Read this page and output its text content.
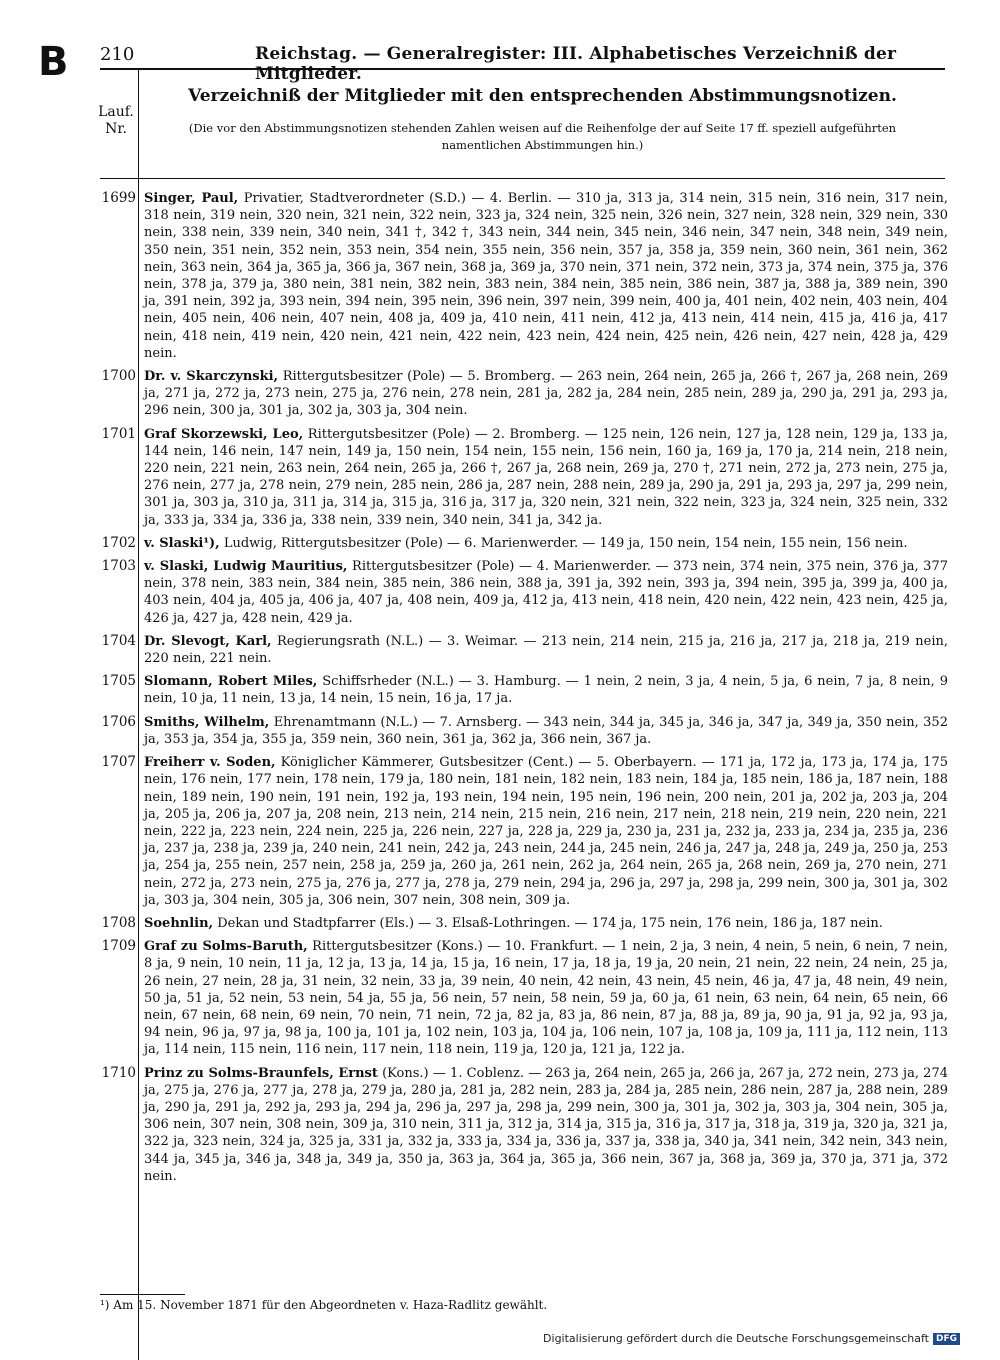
B 210	Reichstag. — Generalregister: III. Alphabetisches Verzeichniß der Mitglieder.
Lauf.
Nr.
Verzeichniß der Mitglieder mit den entsprechenden Abstimmungsnotizen.
(Die vor den Abstimmungsnotizen stehenden Zahlen weisen auf die Reihenfolge der auf Seite 17 ff. speziell aufgeführten namentlichen Abstimmungen hin.)
1699 Singer, Paul, Privatier, Stadtverordneter (S.D.) — 4. Berlin. — 310 ja, 313 ja, 314 nein, 315 nein, 316 nein, 317 nein, 318 nein, 319 nein, 320 nein, 321 nein, 322 nein, 323 ja, 324 nein, 325 nein, 326 nein, 327 nein, 328 nein, 329 nein, 330 nein, 338 nein, 339 nein, 340 nein, 341 †, 342 †, 343 nein, 344 nein, 345 nein, 346 nein, 347 nein, 348 nein, 349 nein, 350 nein, 351 nein, 352 nein, 353 nein, 354 nein, 355 nein, 356 nein, 357 ja, 358 ja, 359 nein, 360 nein, 361 nein, 362 nein, 363 nein, 364 ja, 365 ja, 366 ja, 367 nein, 368 ja, 369 ja, 370 nein, 371 nein, 372 nein, 373 ja, 374 nein, 375 ja, 376 nein, 378 ja, 379 ja, 380 nein, 381 nein, 382 nein, 383 nein, 384 nein, 385 nein, 386 nein, 387 ja, 388 ja, 389 nein, 390 ja, 391 nein, 392 ja, 393 nein, 394 nein, 395 nein, 396 nein, 397 nein, 399 nein, 400 ja, 401 nein, 402 nein, 403 nein, 404 nein, 405 nein, 406 nein, 407 nein, 408 ja, 409 ja, 410 nein, 411 nein, 412 ja, 413 nein, 414 nein, 415 ja, 416 ja, 417 nein, 418 nein, 419 nein, 420 nein, 421 nein, 422 nein, 423 nein, 424 nein, 425 nein, 426 nein, 427 nein, 428 ja, 429 nein.
1700 Dr. v. Skarczynski, Rittergutsbesitzer (Pole) — 5. Bromberg. — 263 nein, 264 nein, 265 ja, 266 †, 267 ja, 268 nein, 269 ja, 271 ja, 272 ja, 273 nein, 275 ja, 276 nein, 278 nein, 281 ja, 282 ja, 284 nein, 285 nein, 289 ja, 290 ja, 291 ja, 293 ja, 296 nein, 300 ja, 301 ja, 302 ja, 303 ja, 304 nein.
1701 Graf Skorzewski, Leo, Rittergutsbesitzer (Pole) — 2. Bromberg. — 125 nein, 126 nein, 127 ja, 128 nein, 129 ja, 133 ja, 144 nein, 146 nein, 147 nein, 149 ja, 150 nein, 154 nein, 155 nein, 156 nein, 160 ja, 169 ja, 170 ja, 214 nein, 218 nein, 220 nein, 221 nein, 263 nein, 264 nein, 265 ja, 266 †, 267 ja, 268 nein, 269 ja, 270 †, 271 nein, 272 ja, 273 nein, 275 ja, 276 nein, 277 ja, 278 nein, 279 nein, 285 nein, 286 ja, 287 nein, 288 nein, 289 ja, 290 ja, 291 ja, 293 ja, 297 ja, 299 nein, 301 ja, 303 ja, 310 ja, 311 ja, 314 ja, 315 ja, 316 ja, 317 ja, 320 nein, 321 nein, 322 nein, 323 ja, 324 nein, 325 nein, 332 ja, 333 ja, 334 ja, 336 ja, 338 nein, 339 nein, 340 nein, 341 ja, 342 ja.
1702 v. Slaski¹), Ludwig, Rittergutsbesitzer (Pole) — 6. Marienwerder. — 149 ja, 150 nein, 154 nein, 155 nein, 156 nein.
1703 v. Slaski, Ludwig Mauritius, Rittergutsbesitzer (Pole) — 4. Marienwerder. — 373 nein, 374 nein, 375 nein, 376 ja, 377 nein, 378 nein, 383 nein, 384 nein, 385 nein, 386 nein, 388 ja, 391 ja, 392 nein, 393 ja, 394 nein, 395 ja, 399 ja, 400 ja, 403 nein, 404 ja, 405 ja, 406 ja, 407 ja, 408 nein, 409 ja, 412 ja, 413 nein, 418 nein, 420 nein, 422 nein, 423 nein, 425 ja, 426 ja, 427 ja, 428 nein, 429 ja.
1704 Dr. Slevogt, Karl, Regierungsrath (N.L.) — 3. Weimar. — 213 nein, 214 nein, 215 ja, 216 ja, 217 ja, 218 ja, 219 nein, 220 nein, 221 nein.
1705 Slomann, Robert Miles, Schiffsrheder (N.L.) — 3. Hamburg. — 1 nein, 2 nein, 3 ja, 4 nein, 5 ja, 6 nein, 7 ja, 8 nein, 9 nein, 10 ja, 11 nein, 13 ja, 14 nein, 15 nein, 16 ja, 17 ja.
1706 Smiths, Wilhelm, Ehrenamtmann (N.L.) — 7. Arnsberg. — 343 nein, 344 ja, 345 ja, 346 ja, 347 ja, 349 ja, 350 nein, 352 ja, 353 ja, 354 ja, 355 ja, 359 nein, 360 nein, 361 ja, 362 ja, 366 nein, 367 ja.
1707 Freiherr v. Soden, Königlicher Kämmerer, Gutsbesitzer (Cent.) — 5. Oberbayern. — 171 ja, 172 ja, 173 ja, 174 ja, 175 nein, 176 nein, 177 nein, 178 nein, 179 ja, 180 nein, 181 nein, 182 nein, 183 nein, 184 ja, 185 nein, 186 ja, 187 nein, 188 nein, 189 nein, 190 nein, 191 nein, 192 ja, 193 nein, 194 nein, 195 nein, 196 nein, 200 nein, 201 ja, 202 ja, 203 ja, 204 ja, 205 ja, 206 ja, 207 ja, 208 nein, 213 nein, 214 nein, 215 nein, 216 nein, 217 nein, 218 nein, 219 nein, 220 nein, 221 nein, 222 ja, 223 nein, 224 nein, 225 ja, 226 nein, 227 ja, 228 ja, 229 ja, 230 ja, 231 ja, 232 ja, 233 ja, 234 ja, 235 ja, 236 ja, 237 ja, 238 ja, 239 ja, 240 nein, 241 nein, 242 ja, 243 nein, 244 ja, 245 nein, 246 ja, 247 ja, 248 ja, 249 ja, 250 ja, 253 ja, 254 ja, 255 nein, 257 nein, 258 ja, 259 ja, 260 ja, 261 nein, 262 ja, 264 nein, 265 ja, 268 nein, 269 ja, 270 nein, 271 nein, 272 ja, 273 nein, 275 ja, 276 ja, 277 ja, 278 ja, 279 nein, 294 ja, 296 ja, 297 ja, 298 ja, 299 nein, 300 ja, 301 ja, 302 ja, 303 ja, 304 nein, 305 ja, 306 nein, 307 nein, 308 nein, 309 ja.
1708 Soehnlin, Dekan und Stadtpfarrer (Els.) — 3. Elsaß-Lothringen. — 174 ja, 175 nein, 176 nein, 186 ja, 187 nein.
1709 Graf zu Solms-Baruth, Rittergutsbesitzer (Kons.) — 10. Frankfurt. — 1 nein, 2 ja, 3 nein, 4 nein, 5 nein, 6 nein, 7 nein, 8 ja, 9 nein, 10 nein, 11 ja, 12 ja, 13 ja, 14 ja, 15 ja, 16 nein, 17 ja, 18 ja, 19 ja, 20 nein, 21 nein, 22 nein, 24 nein, 25 ja, 26 nein, 27 nein, 28 ja, 31 nein, 32 nein, 33 ja, 39 nein, 40 nein, 42 nein, 43 nein, 45 nein, 46 ja, 47 ja, 48 nein, 49 nein, 50 ja, 51 ja, 52 nein, 53 nein, 54 ja, 55 ja, 56 nein, 57 nein, 58 nein, 59 ja, 60 ja, 61 nein, 63 nein, 64 nein, 65 nein, 66 nein, 67 nein, 68 nein, 69 nein, 70 nein, 71 nein, 72 ja, 82 ja, 83 ja, 86 nein, 87 ja, 88 ja, 89 ja, 90 ja, 91 ja, 92 ja, 93 ja, 94 nein, 96 ja, 97 ja, 98 ja, 100 ja, 101 ja, 102 nein, 103 ja, 104 ja, 106 nein, 107 ja, 108 ja, 109 ja, 111 ja, 112 nein, 113 ja, 114 nein, 115 nein, 116 nein, 117 nein, 118 nein, 119 ja, 120 ja, 121 ja, 122 ja.
1710 Prinz zu Solms-Braunfels, Ernst (Kons.) — 1. Coblenz. — 263 ja, 264 nein, 265 ja, 266 ja, 267 ja, 272 nein, 273 ja, 274 ja, 275 ja, 276 ja, 277 ja, 278 ja, 279 ja, 280 ja, 281 ja, 282 nein, 283 ja, 284 ja, 285 nein, 286 nein, 287 ja, 288 nein, 289 ja, 290 ja, 291 ja, 292 ja, 293 ja, 294 ja, 296 ja, 297 ja, 298 ja, 299 nein, 300 ja, 301 ja, 302 ja, 303 ja, 304 nein, 305 ja, 306 nein, 307 nein, 308 nein, 309 ja, 310 nein, 311 ja, 312 ja, 314 ja, 315 ja, 316 ja, 317 ja, 318 ja, 319 ja, 320 ja, 321 ja, 322 ja, 323 nein, 324 ja, 325 ja, 331 ja, 332 ja, 333 ja, 334 ja, 336 ja, 337 ja, 338 ja, 340 ja, 341 nein, 342 nein, 343 nein, 344 ja, 345 ja, 346 ja, 348 ja, 349 ja, 350 ja, 363 ja, 364 ja, 365 ja, 366 nein, 367 ja, 368 ja, 369 ja, 370 ja, 371 ja, 372 nein.
¹) Am 15. November 1871 für den Abgeordneten v. Haza-Radlitz gewählt.
Digitalisierung gefördert durch die Deutsche Forschungsgemeinschaft DFG
